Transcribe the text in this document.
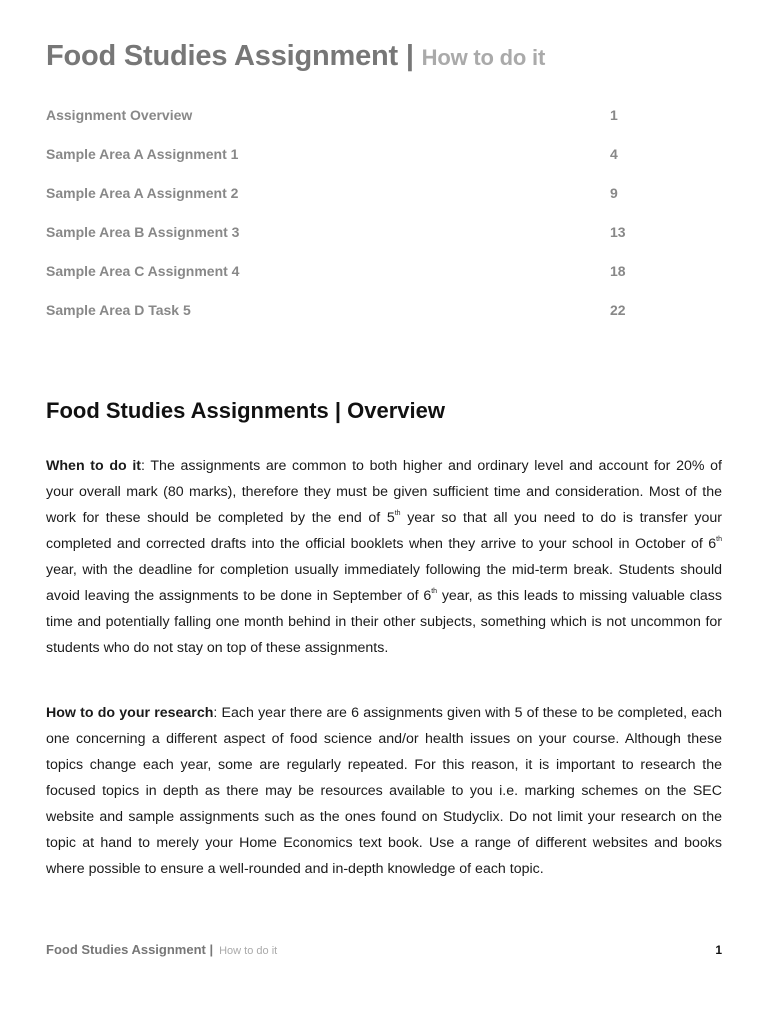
Food Studies Assignment | How to do it
Assignment Overview	1
Sample Area A Assignment 1	4
Sample Area A Assignment 2	9
Sample Area B Assignment 3	13
Sample Area C Assignment 4	18
Sample Area D Task 5	22
Food Studies Assignments | Overview
When to do it: The assignments are common to both higher and ordinary level and account for 20% of your overall mark (80 marks), therefore they must be given sufficient time and consideration. Most of the work for these should be completed by the end of 5th year so that all you need to do is transfer your completed and corrected drafts into the official booklets when they arrive to your school in October of 6th year, with the deadline for completion usually immediately following the mid-term break. Students should avoid leaving the assignments to be done in September of 6th year, as this leads to missing valuable class time and potentially falling one month behind in their other subjects, something which is not uncommon for students who do not stay on top of these assignments.
How to do your research: Each year there are 6 assignments given with 5 of these to be completed, each one concerning a different aspect of food science and/or health issues on your course. Although these topics change each year, some are regularly repeated. For this reason, it is important to research the focused topics in depth as there may be resources available to you i.e. marking schemes on the SEC website and sample assignments such as the ones found on Studyclix. Do not limit your research on the topic at hand to merely your Home Economics text book. Use a range of different websites and books where possible to ensure a well-rounded and in-depth knowledge of each topic.
Food Studies Assignment | How to do it	1
